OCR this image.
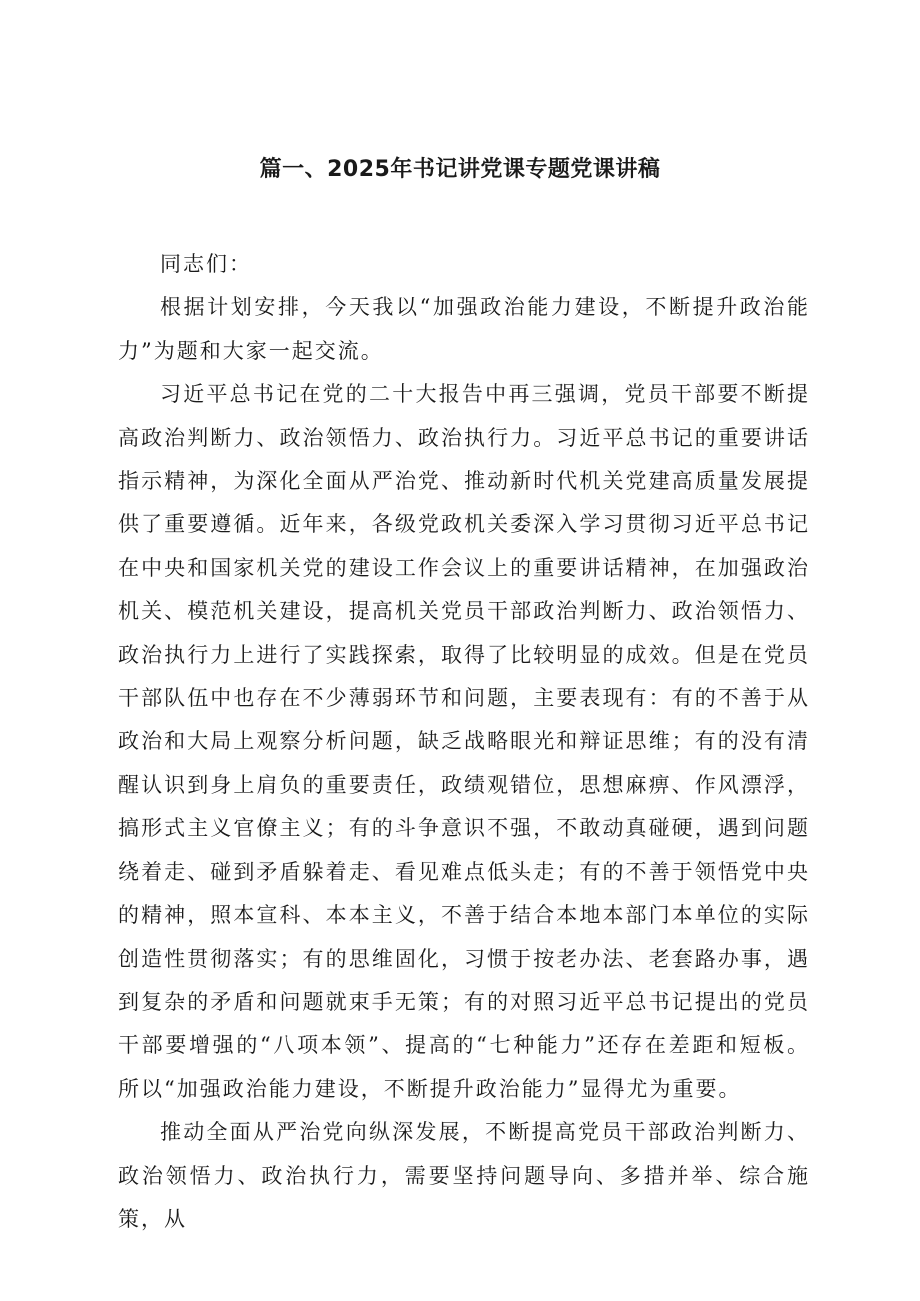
篇一、2025年书记讲党课专题党课讲稿

同志们：

根据计划安排，今天我以“加强政治能力建设，不断提升政治能力”为题和大家一起交流。

习近平总书记在党的二十大报告中再三强调，党员干部要不断提高政治判断力、政治领悟力、政治执行力。习近平总书记的重要讲话指示精神，为深化全面从严治党、推动新时代机关党建高质量发展提供了重要遵循。近年来，各级党政机关委深入学习贯彻习近平总书记在中央和国家机关党的建设工作会议上的重要讲话精神，在加强政治机关、模范机关建设，提高机关党员干部政治判断力、政治领悟力、政治执行力上进行了实践探索，取得了比较明显的成效。但是在党员干部队伍中也存在不少薄弱环节和问题，主要表现有：有的不善于从政治和大局上观察分析问题，缺乏战略眼光和辩证思维；有的没有清醒认识到身上肩负的重要责任，政绩观错位，思想麻痹、作风漂浮，搞形式主义官僚主义；有的斗争意识不强，不敢动真碰硬，遇到问题绕着走、碰到矛盾躲着走、看见难点低头走；有的不善于领悟党中央的精神，照本宣科、本本主义，不善于结合本地本部门本单位的实际创造性贯彻落实；有的思维固化，习惯于按老办法、老套路办事，遇到复杂的矛盾和问题就束手无策；有的对照习近平总书记提出的党员干部要增强的“八项本领”、提高的“七种能力”还存在差距和短板。所以“加强政治能力建设，不断提升政治能力”显得尤为重要。

推动全面从严治党向纵深发展，不断提高党员干部政治判断力、政治领悟力、政治执行力，需要坚持问题导向、多措并举、综合施策，从
